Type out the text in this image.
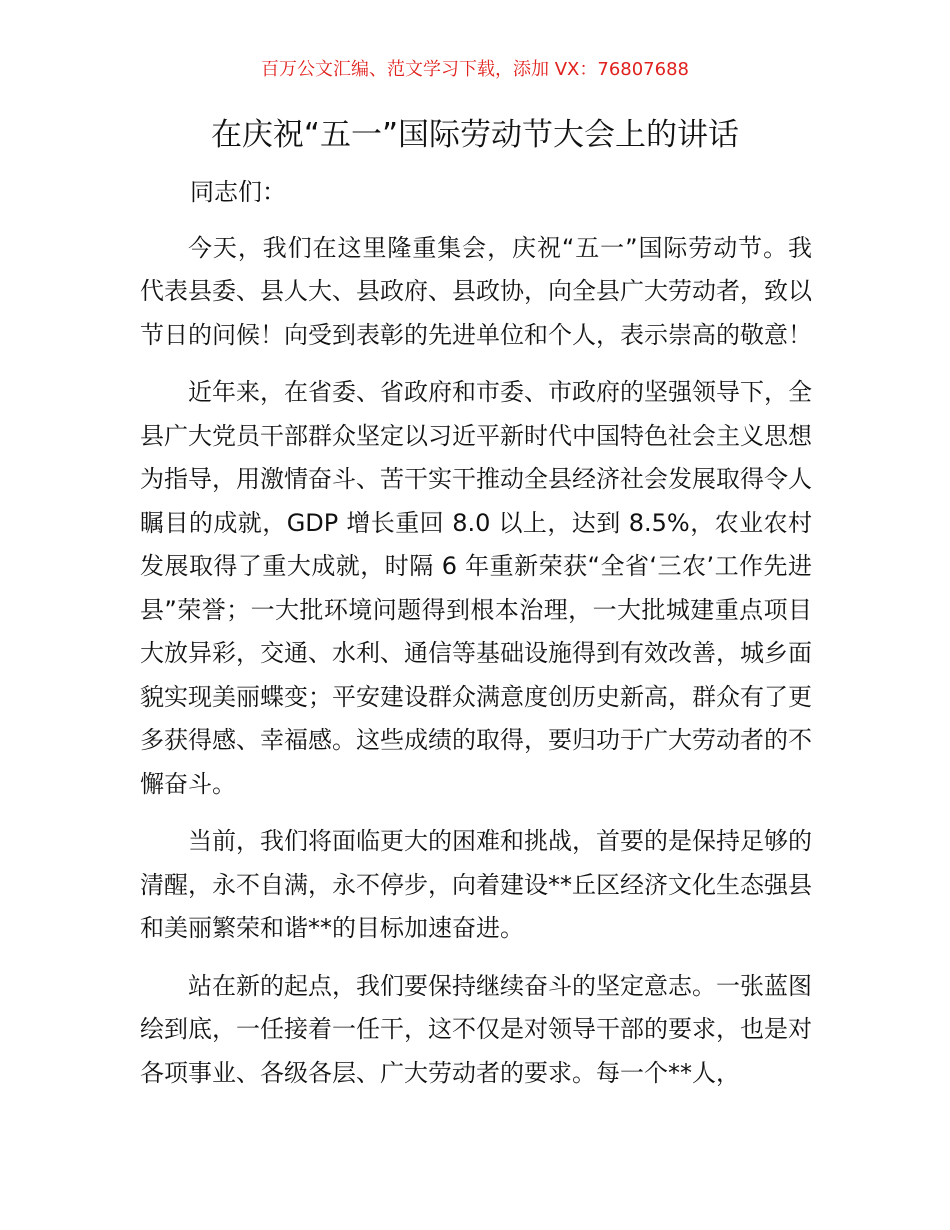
百万公文汇编、范文学习下载，添加 VX：76807688
在庆祝“五一”国际劳动节大会上的讲话

同志们：

今天，我们在这里隆重集会，庆祝“五一”国际劳动节。我代表县委、县人大、县政府、县政协，向全县广大劳动者，致以节日的问候！向受到表彰的先进单位和个人，表示崇高的敬意！

近年来，在省委、省政府和市委、市政府的坚强领导下，全县广大党员干部群众坚定以习近平新时代中国特色社会主义思想为指导，用激情奋斗、苦干实干推动全县经济社会发展取得令人瞩目的成就，GDP 增长重回 8.0 以上，达到 8.5%，农业农村发展取得了重大成就，时隔 6 年重新荣获“全省‘三农’工作先进县”荣誉；一大批环境问题得到根本治理，一大批城建重点项目大放异彩，交通、水利、通信等基础设施得到有效改善，城乡面貌实现美丽蝶变；平安建设群众满意度创历史新高，群众有了更多获得感、幸福感。这些成绩的取得，要归功于广大劳动者的不懈奋斗。

当前，我们将面临更大的困难和挑战，首要的是保持足够的清醒，永不自满，永不停步，向着建设**丘区经济文化生态强县和美丽繁荣和谐**的目标加速奋进。

站在新的起点，我们要保持继续奋斗的坚定意志。一张蓝图绘到底，一任接着一任干，这不仅是对领导干部的要求，也是对各项事业、各级各层、广大劳动者的要求。每一个**人，
